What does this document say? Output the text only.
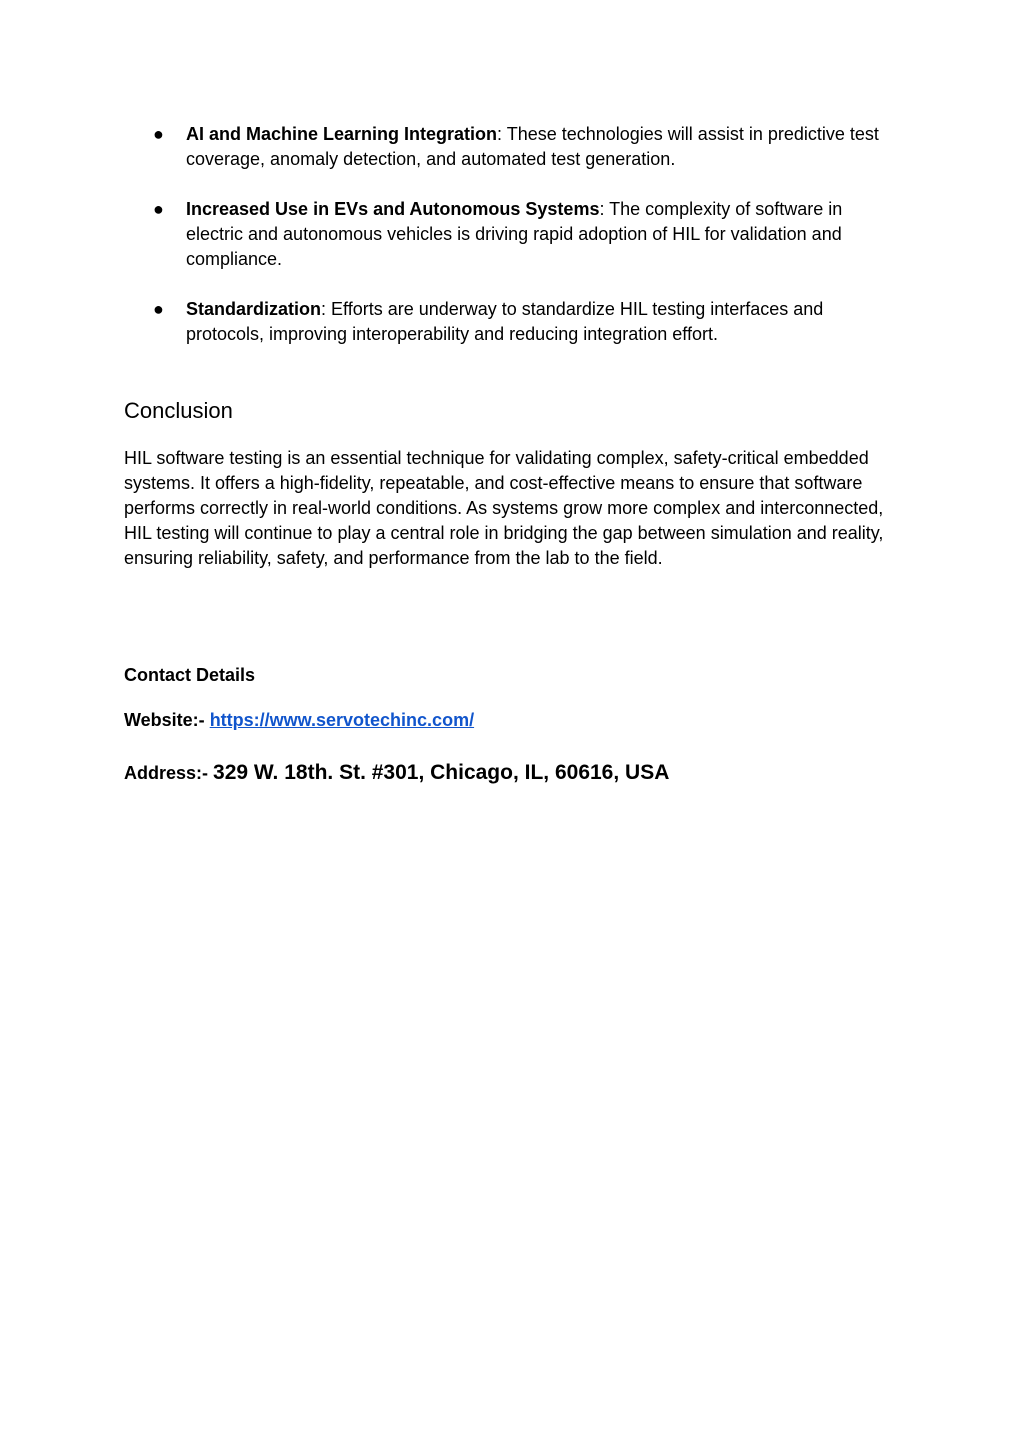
● AI and Machine Learning Integration: These technologies will assist in predictive test coverage, anomaly detection, and automated test generation.
● Increased Use in EVs and Autonomous Systems: The complexity of software in electric and autonomous vehicles is driving rapid adoption of HIL for validation and compliance.
● Standardization: Efforts are underway to standardize HIL testing interfaces and protocols, improving interoperability and reducing integration effort.
Conclusion

HIL software testing is an essential technique for validating complex, safety-critical embedded systems. It offers a high-fidelity, repeatable, and cost-effective means to ensure that software performs correctly in real-world conditions. As systems grow more complex and interconnected, HIL testing will continue to play a central role in bridging the gap between simulation and reality, ensuring reliability, safety, and performance from the lab to the field.

Contact Details

Website:- https://www.servotechinc.com/

Address:- 329 W. 18th. St. #301, Chicago, IL, 60616, USA
